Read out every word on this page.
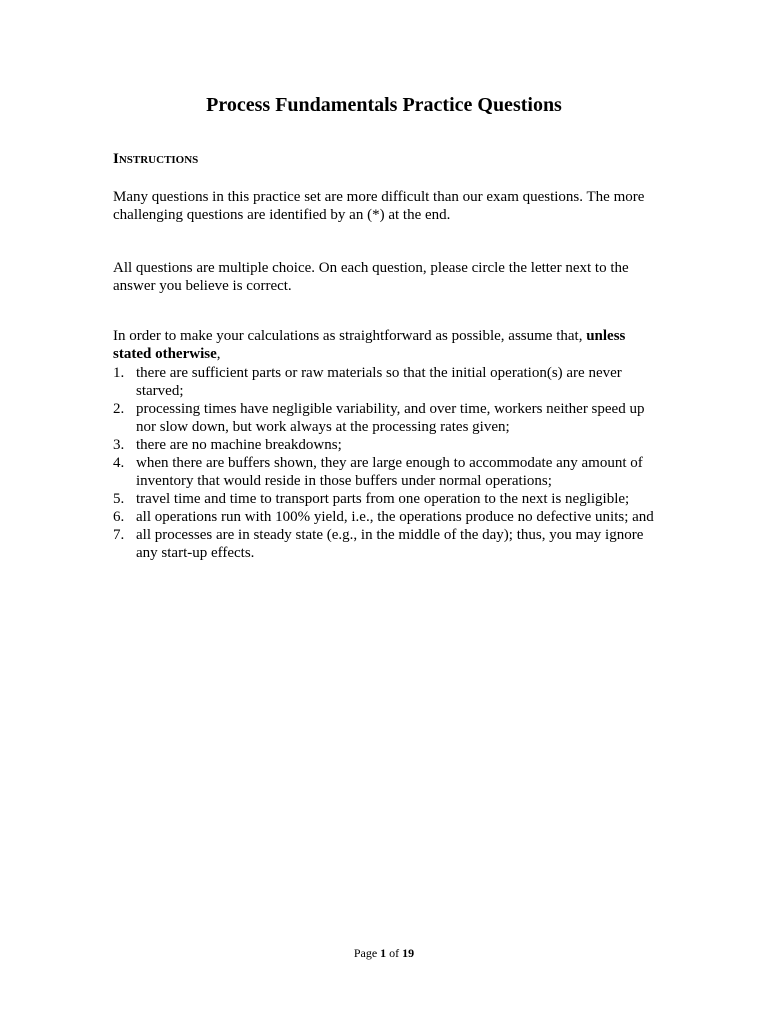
Process Fundamentals Practice Questions
Instructions

Many questions in this practice set are more difficult than our exam questions. The more challenging questions are identified by an (*) at the end.

All questions are multiple choice. On each question, please circle the letter next to the answer you believe is correct.

In order to make your calculations as straightforward as possible, assume that, unless stated otherwise,

1. there are sufficient parts or raw materials so that the initial operation(s) are never starved;
2. processing times have negligible variability, and over time, workers neither speed up nor slow down, but work always at the processing rates given;
3. there are no machine breakdowns;
4. when there are buffers shown, they are large enough to accommodate any amount of inventory that would reside in those buffers under normal operations;
5. travel time and time to transport parts from one operation to the next is negligible;
6. all operations run with 100% yield, i.e., the operations produce no defective units; and
7. all processes are in steady state (e.g., in the middle of the day); thus, you may ignore any start-up effects.

Page 1 of 19
